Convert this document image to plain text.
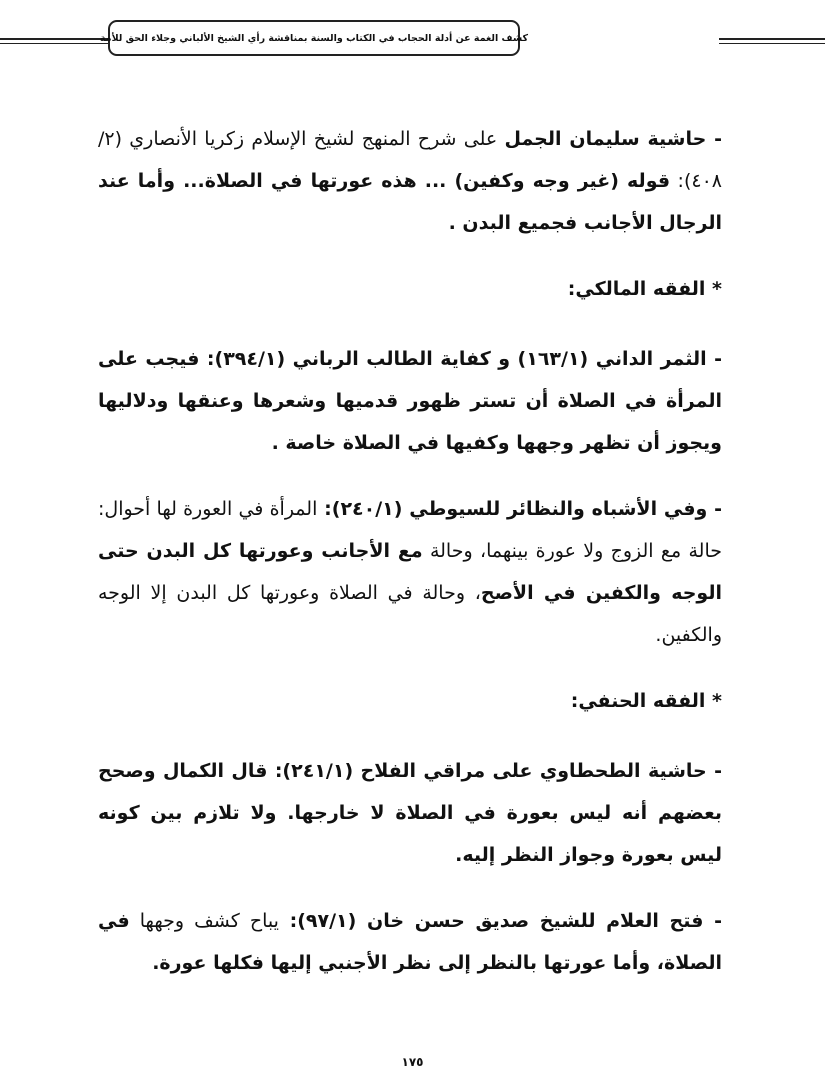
كشف الغمة عن أدلة الحجاب في الكتاب والسنة بمناقشة رأي الشيخ الألباني وجلاء الحق للأمة

- حاشية سليمان الجمل على شرح المنهج لشيخ الإسلام زكريا الأنصاري (٢/ ٤٠٨): قوله (غير وجه وكفين) ... هذه عورتها في الصلاة... وأما عند الرجال الأجانب فجميع البدن .

* الفقه المالكي:

- الثمر الداني (١٦٣/١) و كفاية الطالب الرباني (٣٩٤/١): فيجب على المرأة في الصلاة أن تستر ظهور قدميها وشعرها وعنقها ودلاليها ويجوز أن تظهر وجهها وكفيها في الصلاة خاصة .

- وفي الأشباه والنظائر للسيوطي (٢٤٠/١): المرأة في العورة لها أحوال: حالة مع الزوج ولا عورة بينهما، وحالة مع الأجانب وعورتها كل البدن حتى الوجه والكفين في الأصح، وحالة في الصلاة وعورتها كل البدن إلا الوجه والكفين.

* الفقه الحنفي:

- حاشية الطحطاوي على مراقي الفلاح (٢٤١/١): قال الكمال وصحح بعضهم أنه ليس بعورة في الصلاة لا خارجها. ولا تلازم بين كونه ليس بعورة وجواز النظر إليه.

- فتح العلام للشيخ صديق حسن خان (٩٧/١): يباح كشف وجهها في الصلاة، وأما عورتها بالنظر إلى نظر الأجنبي إليها فكلها عورة.

١٧٥
